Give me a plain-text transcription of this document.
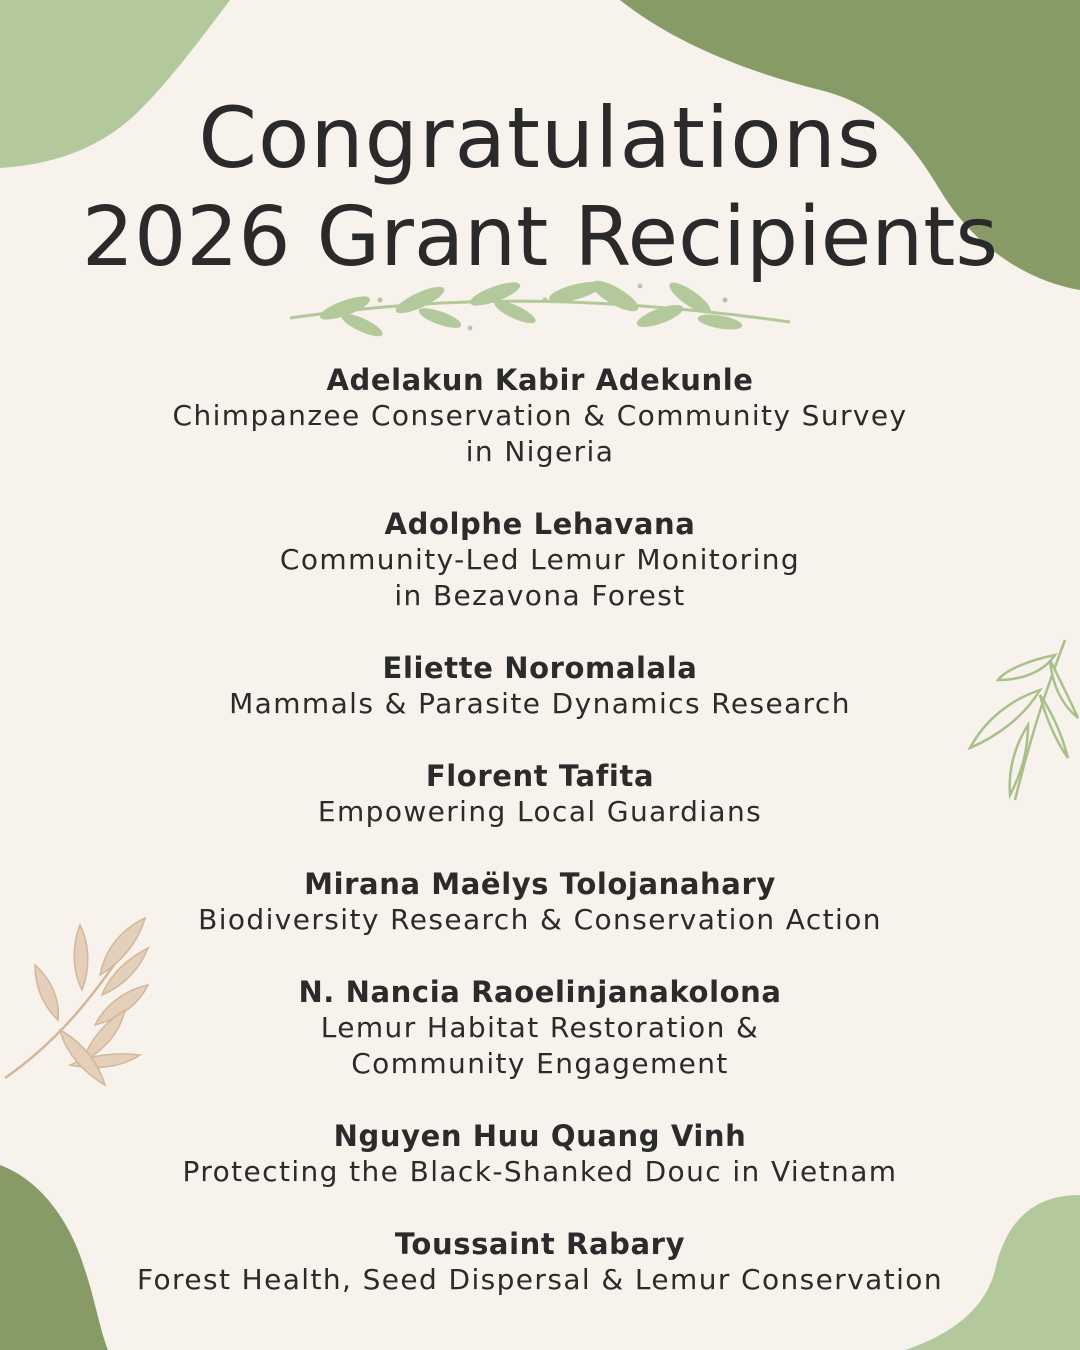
Congratulations
2026 Grant Recipients
Adelakun Kabir Adekunle
Chimpanzee Conservation & Community Survey
in Nigeria
Adolphe Lehavana
Community-Led Lemur Monitoring
in Bezavona Forest
Eliette Noromalala
Mammals & Parasite Dynamics Research
Florent Tafita
Empowering Local Guardians
Mirana Maëlys Tolojanahary
Biodiversity Research & Conservation Action
N. Nancia Raoelinjanakolona
Lemur Habitat Restoration &
Community Engagement
Nguyen Huu Quang Vinh
Protecting the Black-Shanked Douc in Vietnam
Toussaint Rabary
Forest Health, Seed Dispersal & Lemur Conservation
